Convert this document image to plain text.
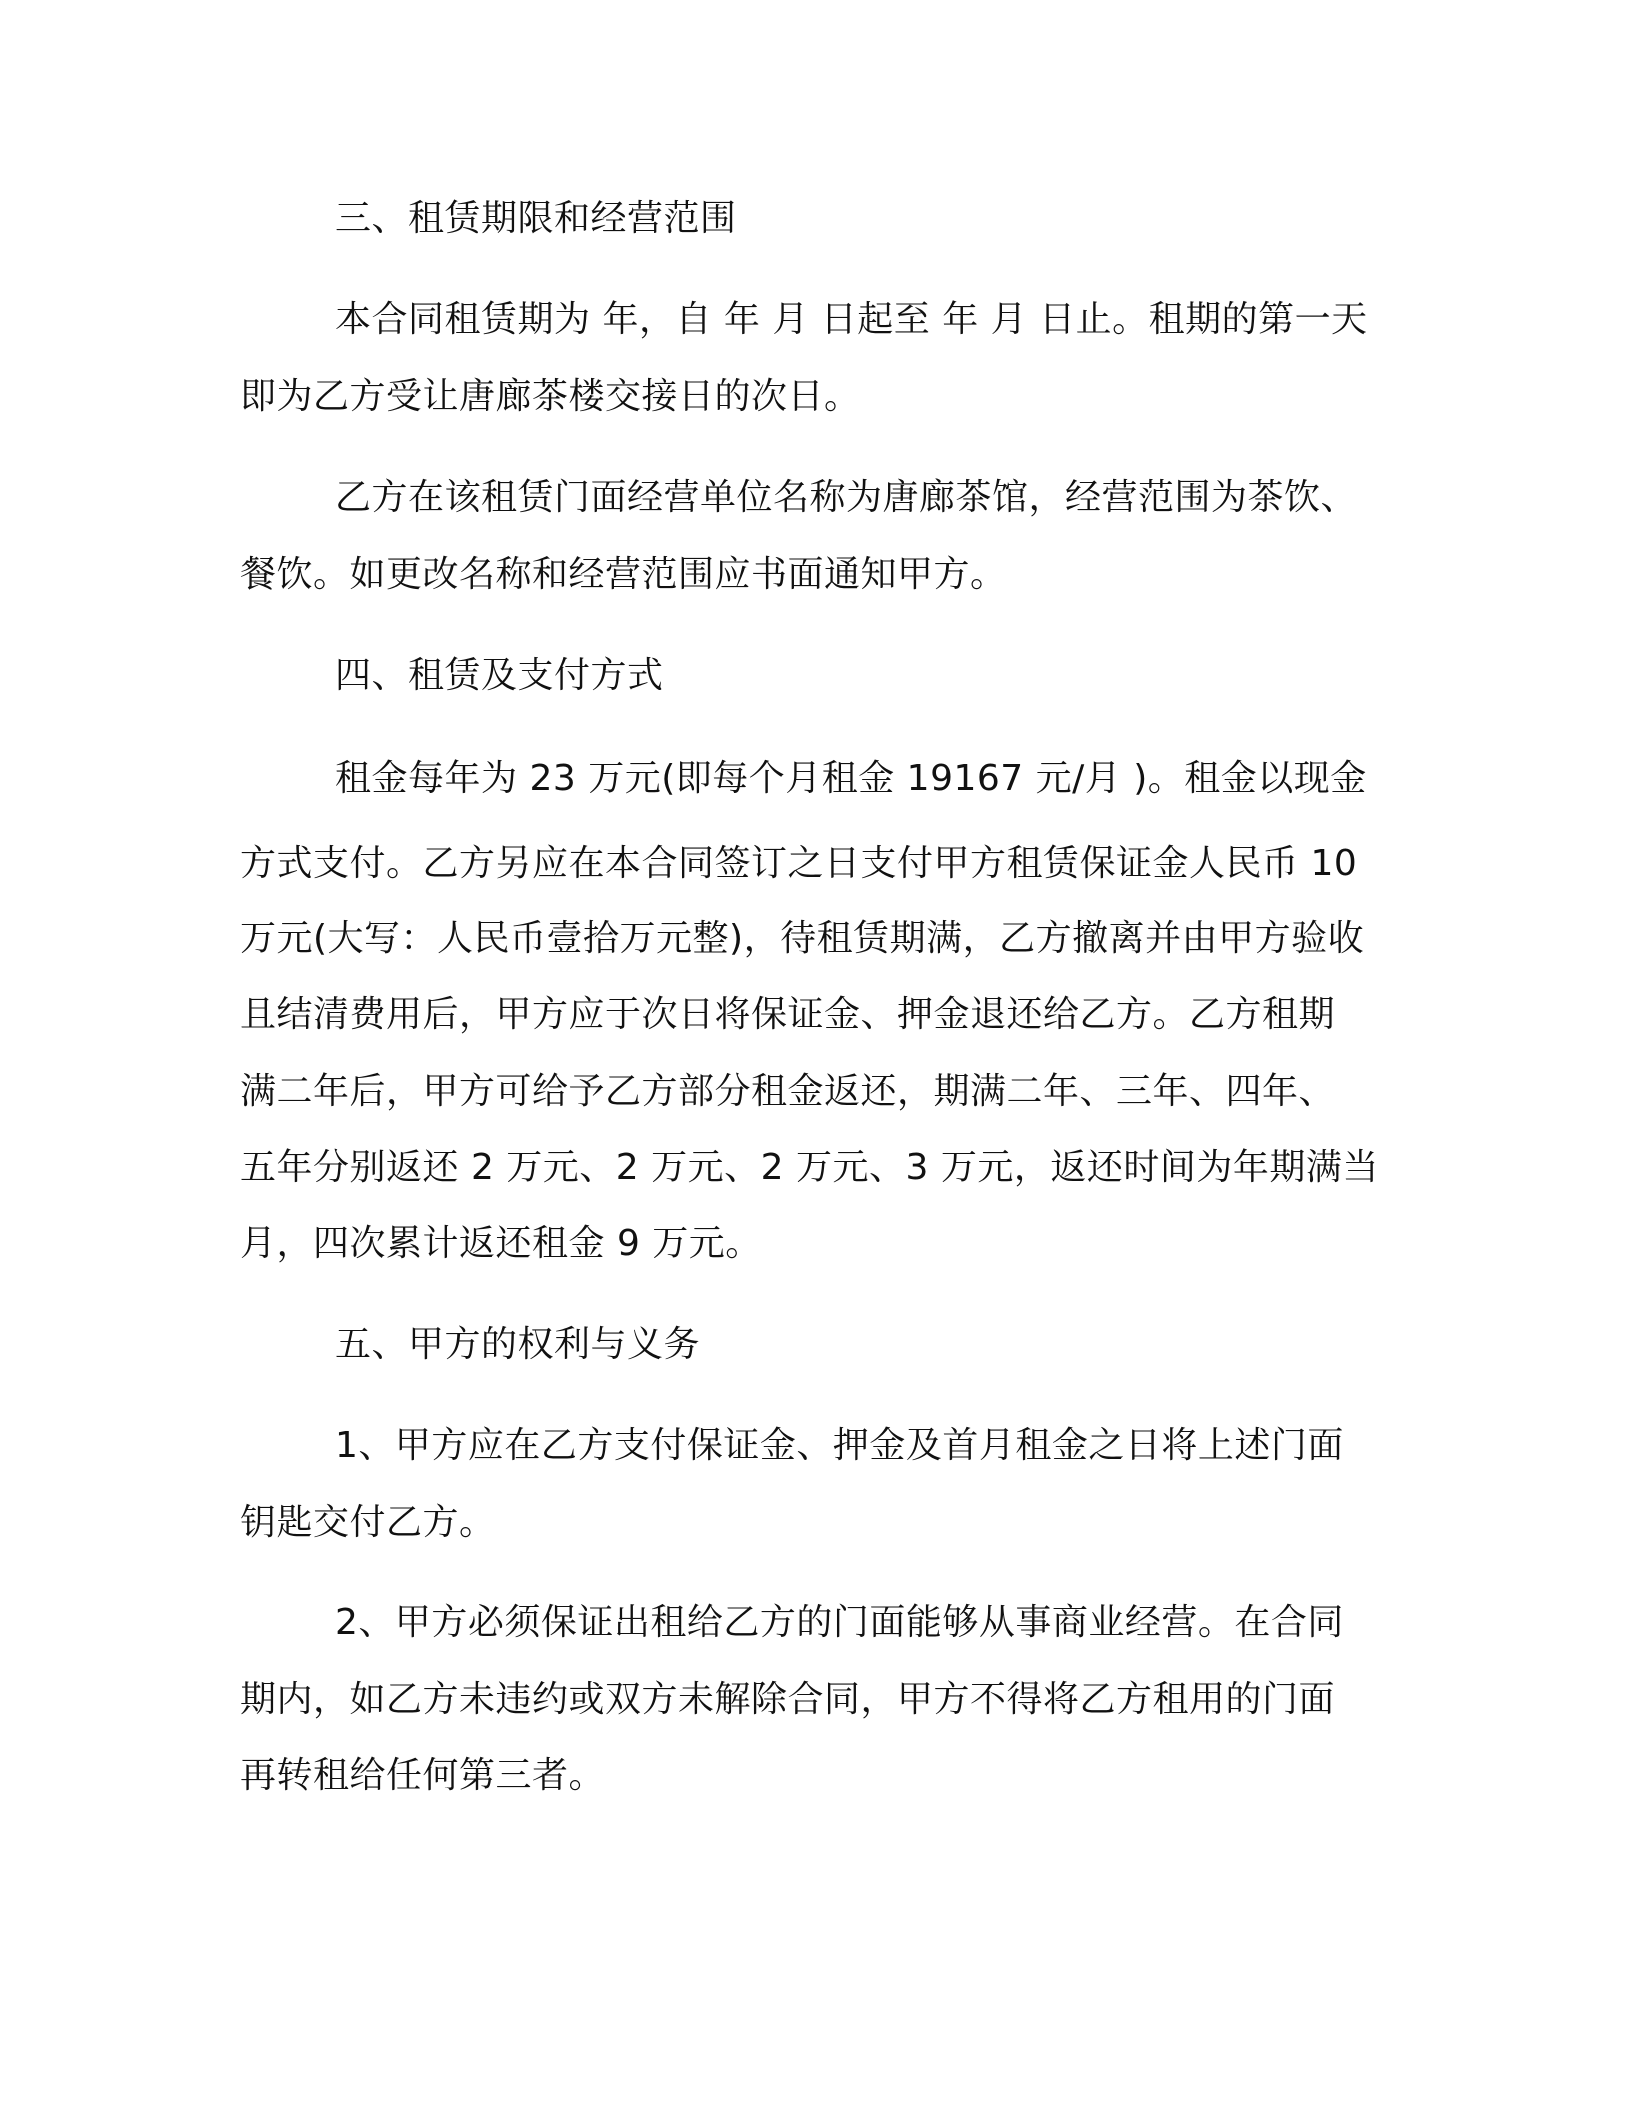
三、租赁期限和经营范围

本合同租赁期为 年，自 年 月 日起至 年 月 日止。租期的第一天

即为乙方受让唐廊茶楼交接日的次日。

乙方在该租赁门面经营单位名称为唐廊茶馆，经营范围为茶饮、

餐饮。如更改名称和经营范围应书面通知甲方。

四、租赁及支付方式

租金每年为 23 万元(即每个月租金 19167 元/月 )。租金以现金

方式支付。乙方另应在本合同签订之日支付甲方租赁保证金人民币 10

万元(大写：人民币壹拾万元整)，待租赁期满，乙方撤离并由甲方验收

且结清费用后，甲方应于次日将保证金、押金退还给乙方。乙方租期

满二年后，甲方可给予乙方部分租金返还，期满二年、三年、四年、

五年分别返还 2 万元、2 万元、2 万元、3 万元，返还时间为年期满当

月，四次累计返还租金 9 万元。

五、甲方的权利与义务

1、甲方应在乙方支付保证金、押金及首月租金之日将上述门面

钥匙交付乙方。

2、甲方必须保证出租给乙方的门面能够从事商业经营。在合同

期内，如乙方未违约或双方未解除合同，甲方不得将乙方租用的门面

再转租给任何第三者。
